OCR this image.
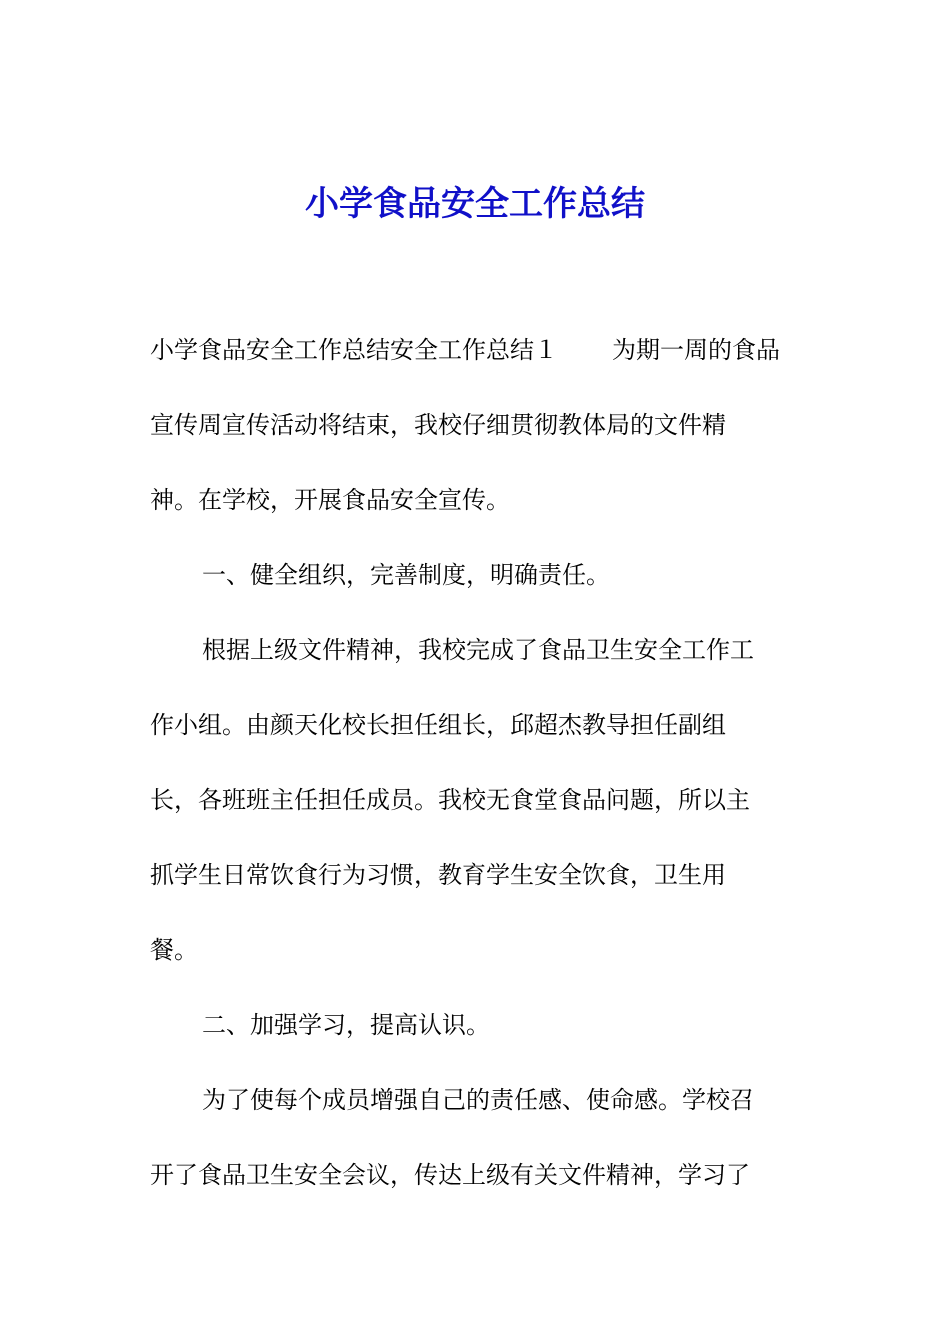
小学食品安全工作总结

小学食品安全工作总结安全工作总结１ 为期一周的食品

宣传周宣传活动将结束，我校仔细贯彻教体局的文件精

神。在学校，开展食品安全宣传。

一、健全组织，完善制度，明确责任。

根据上级文件精神，我校完成了食品卫生安全工作工

作小组。由颜天化校长担任组长，邱超杰教导担任副组

长，各班班主任担任成员。我校无食堂食品问题，所以主

抓学生日常饮食行为习惯，教育学生安全饮食，卫生用

餐。

二、加强学习，提高认识。

为了使每个成员增强自己的责任感、使命感。学校召

开了食品卫生安全会议，传达上级有关文件精神，学习了
